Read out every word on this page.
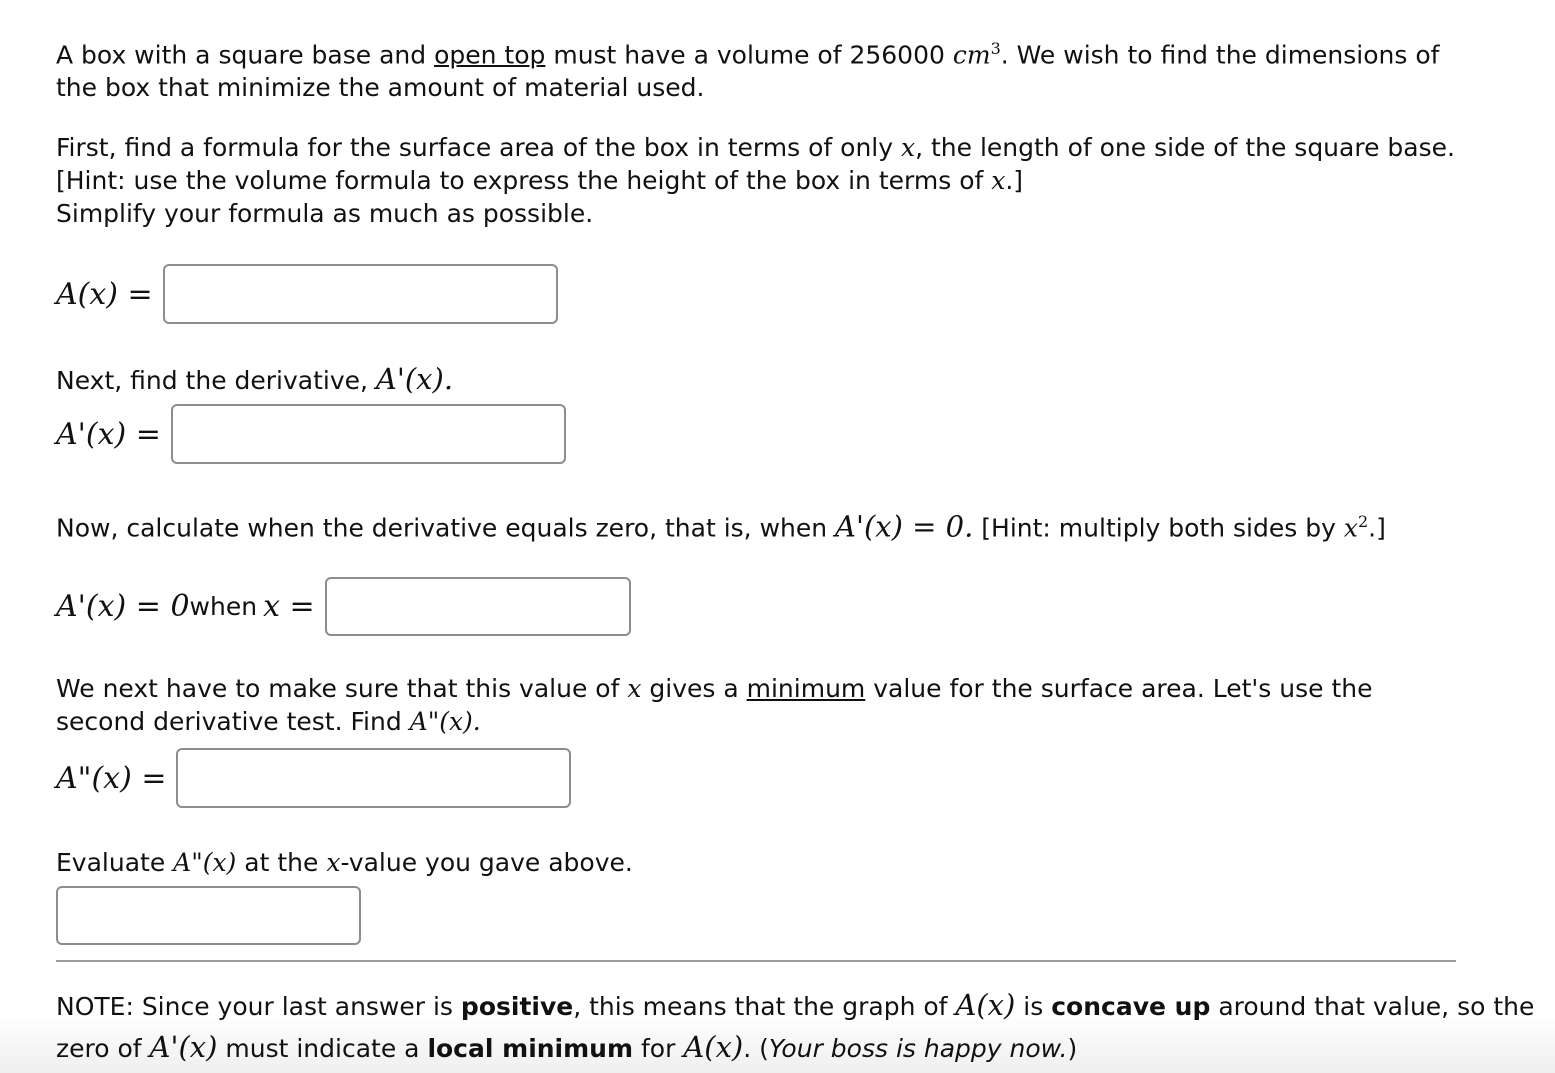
A box with a square base and open top must have a volume of 256000 $cm^3$. We wish to find the dimensions of the box that minimize the amount of material used.

First, find a formula for the surface area of the box in terms of only x, the length of one side of the square base.
[Hint: use the volume formula to express the height of the box in terms of x.]
Simplify your formula as much as possible.

A(x) =

Next, find the derivative, A'(x).

A'(x) =

Now, calculate when the derivative equals zero, that is, when A'(x) = 0. [Hint: multiply both sides by $x^2$.]

A'(x) = 0 when x =

We next have to make sure that this value of x gives a minimum value for the surface area. Let's use the second derivative test. Find A"(x).

A"(x) =

Evaluate A"(x) at the x-value you gave above.

NOTE: Since your last answer is positive, this means that the graph of A(x) is concave up around that value, so the zero of A'(x) must indicate a local minimum for A(x). (Your boss is happy now.)
